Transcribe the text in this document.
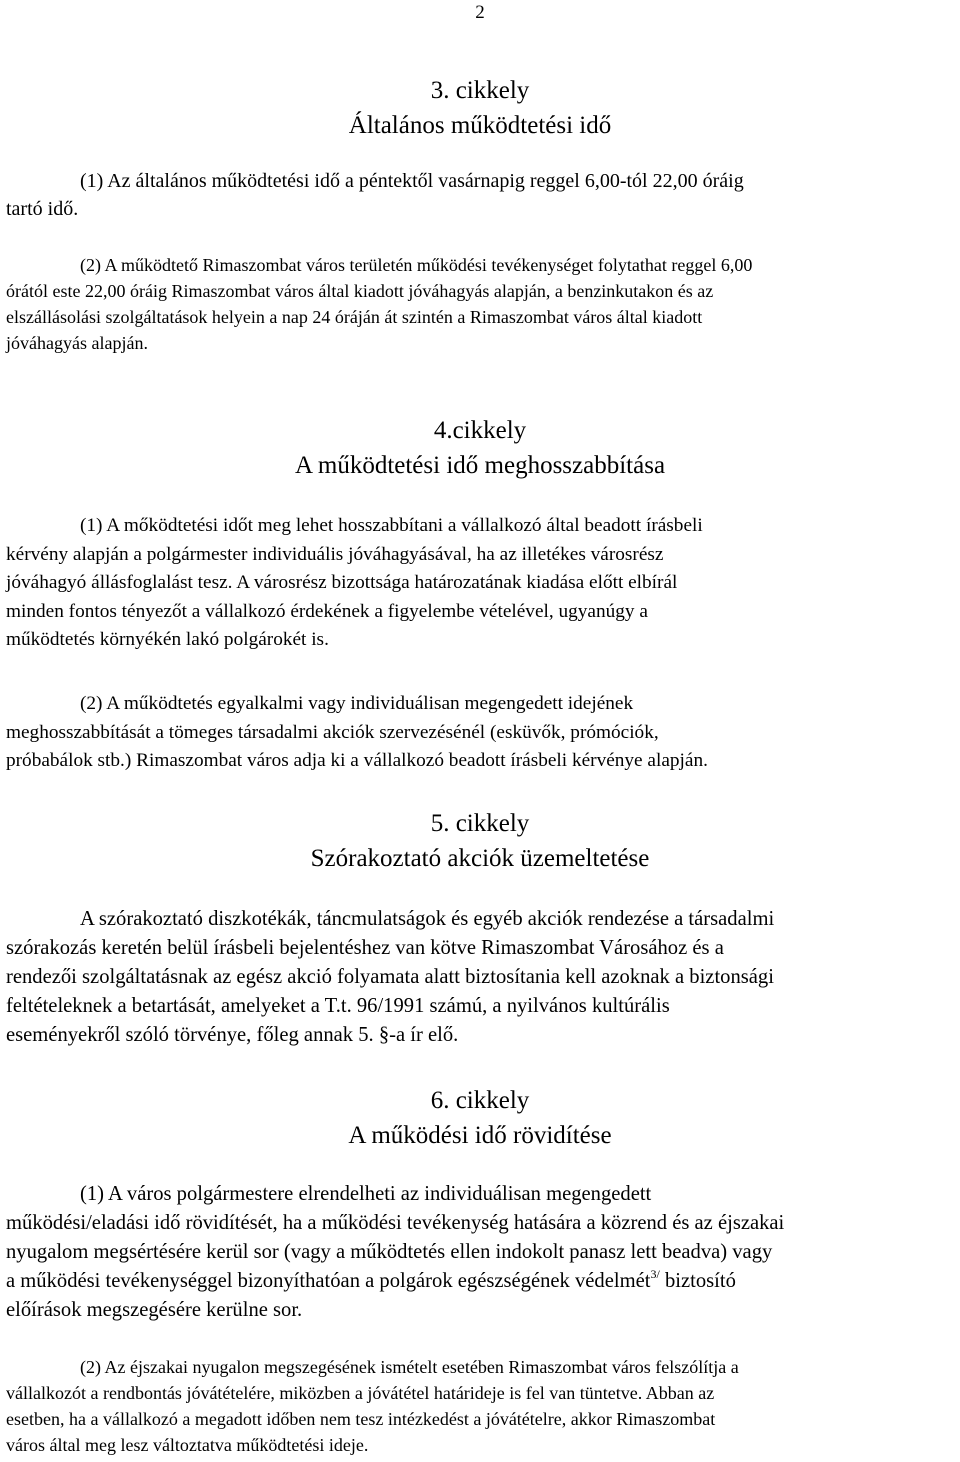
2
3. cikkely
Általános működtetési idő
(1) Az általános működtetési idő a péntektől vasárnapig reggel 6,00-tól 22,00 óráig
tartó idő.
(2) A működtető Rimaszombat város területén működési tevékenységet folytathat reggel 6,00
órától este 22,00 óráig Rimaszombat város által kiadott jóváhagyás alapján, a benzinkutakon és az
elszállásolási szolgáltatások helyein a nap 24 óráján át szintén a Rimaszombat város által kiadott
jóváhagyás alapján.
4.cikkely
A működtetési idő meghosszabbítása
(1) A mőködtetési időt meg lehet hosszabbítani a vállalkozó által beadott írásbeli
kérvény alapján a polgármester individuális jóváhagyásával, ha az illetékes városrész
jóváhagyó állásfoglalást tesz. A városrész bizottsága határozatának kiadása előtt elbírál
minden fontos tényezőt a vállalkozó érdekének a figyelembe vételével, ugyanúgy a
működtetés környékén lakó polgárokét is.
(2) A működtetés egyalkalmi vagy individuálisan megengedett idejének
meghosszabbítását a tömeges társadalmi akciók szervezésénél (esküvők, prómóciók,
próbabálok stb.) Rimaszombat város adja ki a vállalkozó beadott írásbeli kérvénye alapján.
5. cikkely
Szórakoztató akciók üzemeltetése
A szórakoztató diszkotékák, táncmulatságok és egyéb akciók rendezése a társadalmi
szórakozás keretén belül írásbeli bejelentéshez van kötve Rimaszombat Városához és a
rendezői szolgáltatásnak az egész akció folyamata alatt biztosítania kell azoknak a biztonsági
feltételeknek a betartását, amelyeket a T.t. 96/1991 számú, a nyilvános kultúrális
eseményekről szóló törvénye, főleg annak 5. §-a ír elő.
6. cikkely
A működési idő rövidítése
(1) A város polgármestere elrendelheti az individuálisan megengedett
működési/eladási idő rövidítését, ha a működési tevékenység hatására a közrend és az éjszakai
nyugalom megsértésére kerül sor (vagy a működtetés ellen indokolt panasz lett beadva) vagy
a működési tevékenységgel bizonyíthatóan a polgárok egészségének védelmét$^{3/}$ biztosító
előírások megszegésére kerülne sor.
(2) Az éjszakai nyugalon megszegésének ismételt esetében Rimaszombat város felszólítja a
vállalkozót a rendbontás jóvátételére, miközben a jóvátétel határideje is fel van tüntetve. Abban az
esetben, ha a vállalkozó a megadott időben nem tesz intézkedést a jóvátételre, akkor Rimaszombat
város által meg lesz változtatva működtetési ideje.
